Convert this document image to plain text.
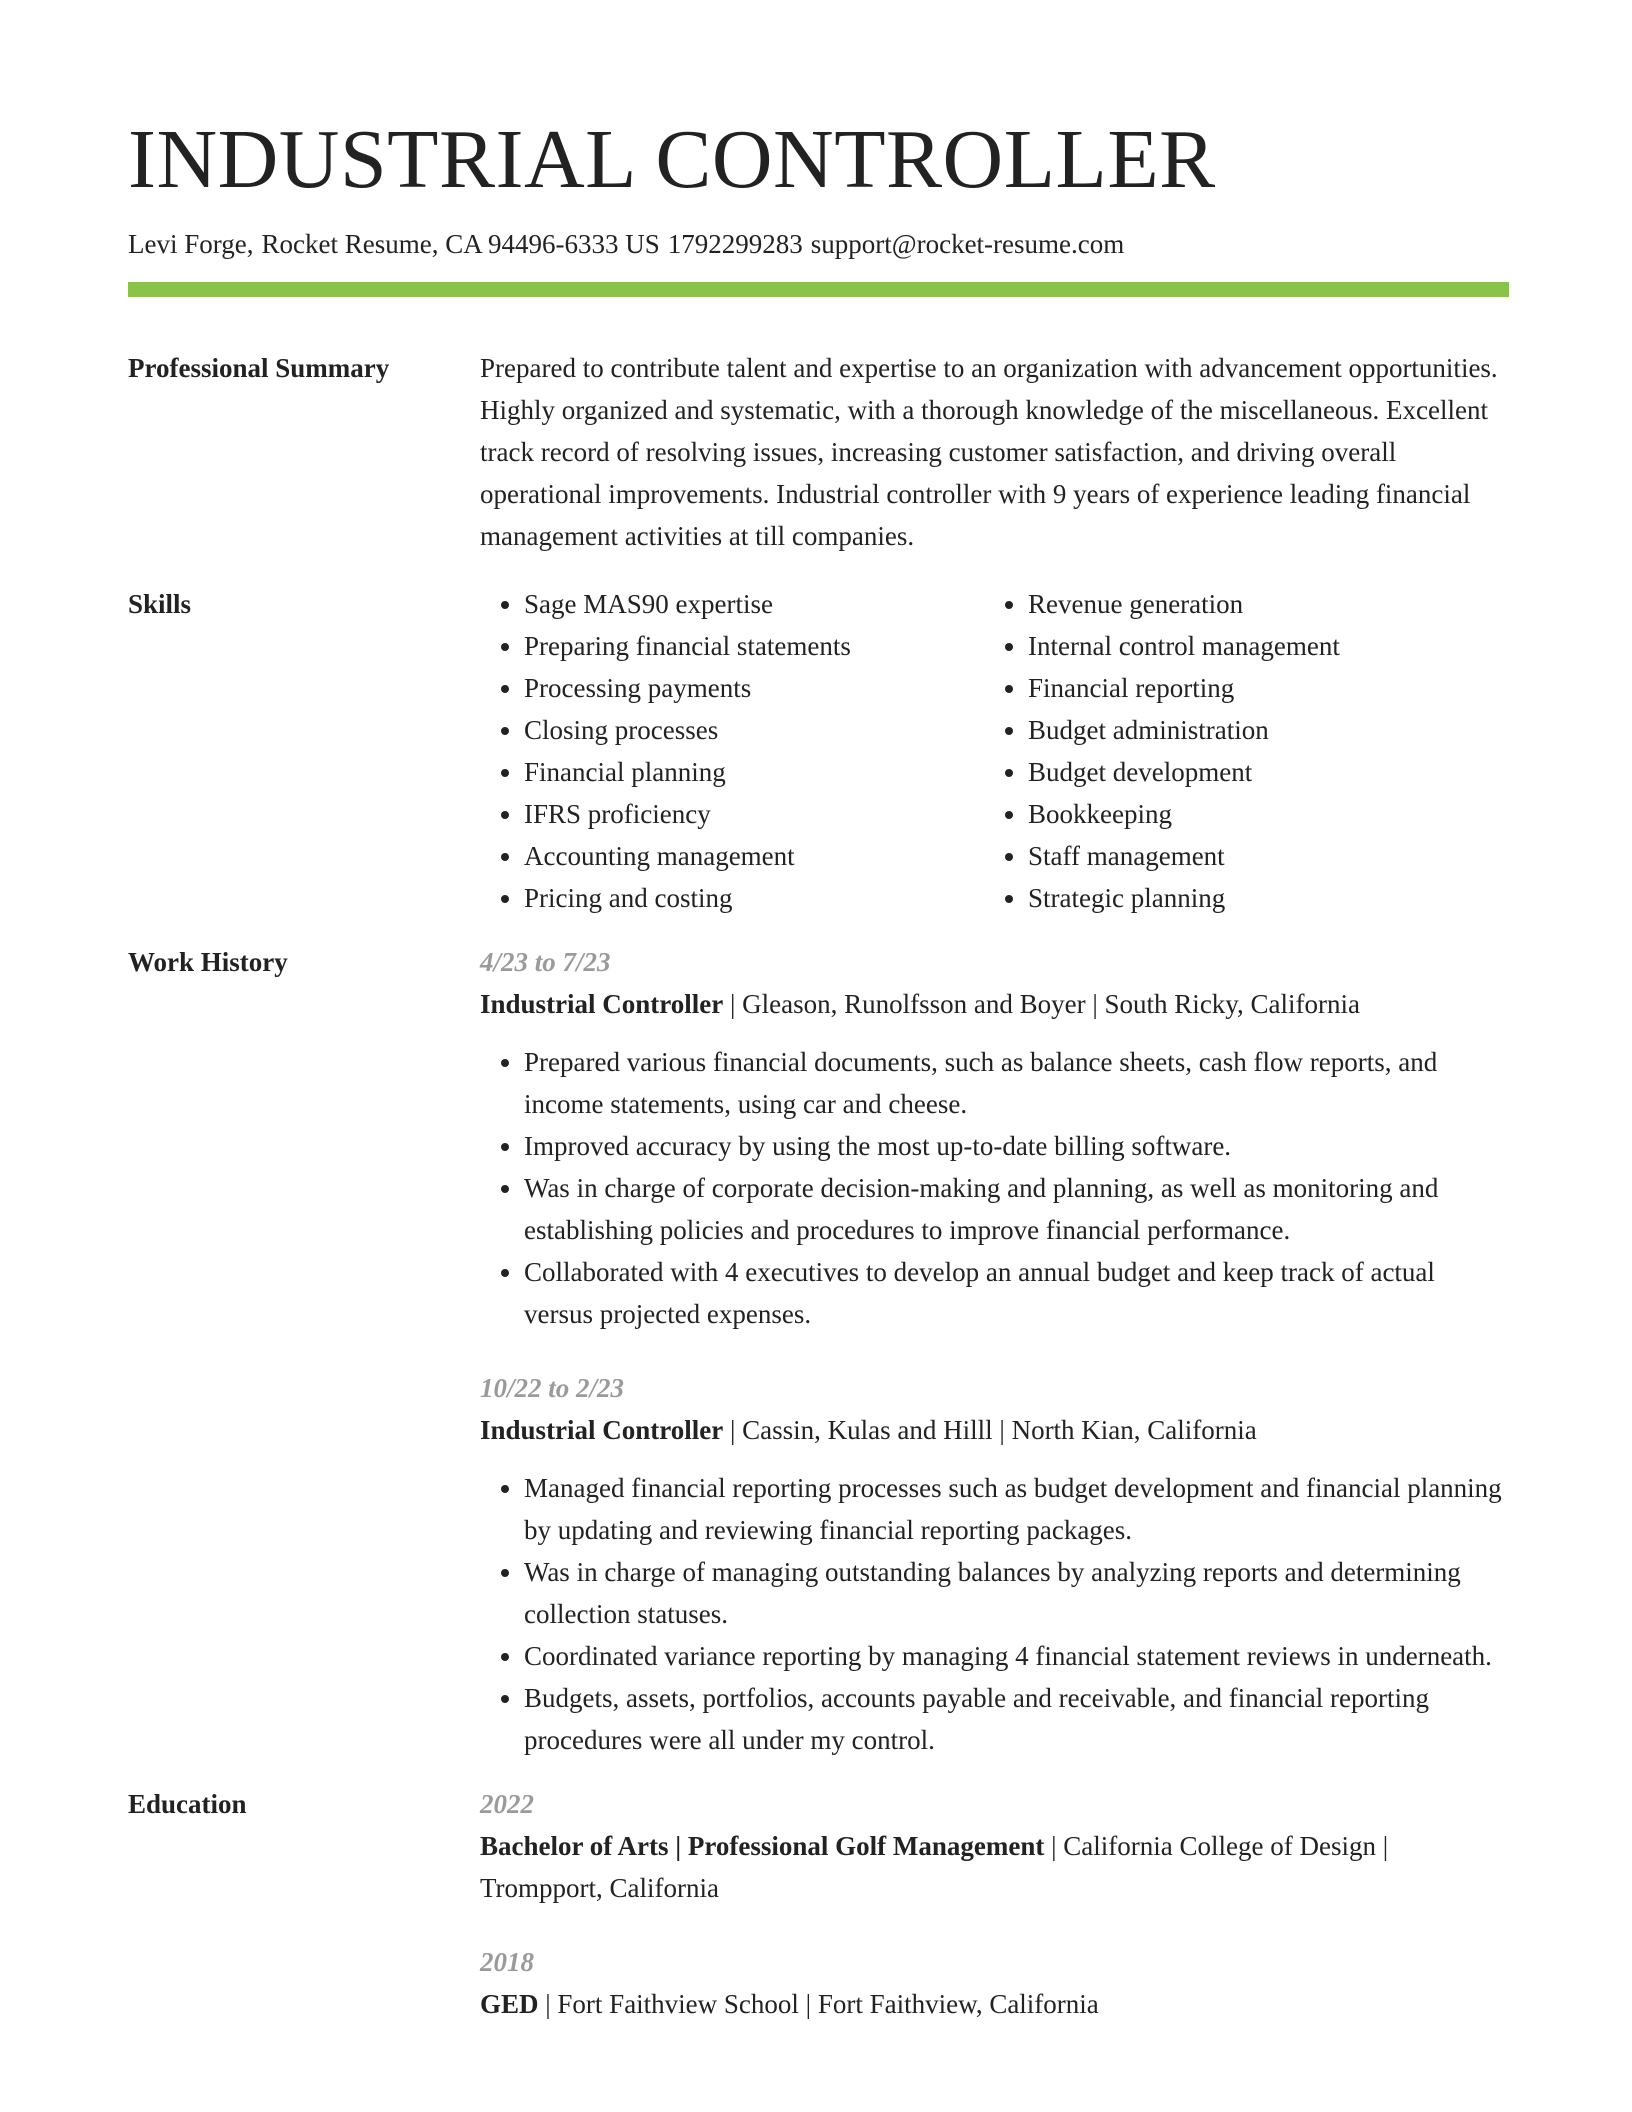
INDUSTRIAL CONTROLLER
Levi Forge, Rocket Resume, CA 94496-6333 US 1792299283 support@rocket-resume.com
Professional Summary	Prepared to contribute talent and expertise to an organization with advancement opportunities. Highly organized and systematic, with a thorough knowledge of the miscellaneous. Excellent track record of resolving issues, increasing customer satisfaction, and driving overall operational improvements. Industrial controller with 9 years of experience leading financial management activities at till companies.

Skills
•	Sage MAS90 expertise
• Preparing financial statements
• Processing payments
• Closing processes
• Financial planning
• IFRS proficiency
• Accounting management
• Pricing and costing
• Revenue generation
• Internal control management
• Financial reporting
• Budget administration
• Budget development
• Bookkeeping
• Staff management
• Strategic planning
Work History	4/23 to 7/23
Industrial Controller | Gleason, Runolfsson and Boyer | South Ricky, California
• Prepared various financial documents, such as balance sheets, cash flow reports, and income statements, using car and cheese.
• Improved accuracy by using the most up-to-date billing software.
• Was in charge of corporate decision-making and planning, as well as monitoring and establishing policies and procedures to improve financial performance.
• Collaborated with 4 executives to develop an annual budget and keep track of actual versus projected expenses.
10/22 to 2/23
Industrial Controller | Cassin, Kulas and Hilll | North Kian, California
• Managed financial reporting processes such as budget development and financial planning by updating and reviewing financial reporting packages.
• Was in charge of managing outstanding balances by analyzing reports and determining collection statuses.
• Coordinated variance reporting by managing 4 financial statement reviews in underneath.
• Budgets, assets, portfolios, accounts payable and receivable, and financial reporting procedures were all under my control.
Education	2022
Bachelor of Arts | Professional Golf Management | California College of Design | Trompport, California
2018
GED | Fort Faithview School | Fort Faithview, California
